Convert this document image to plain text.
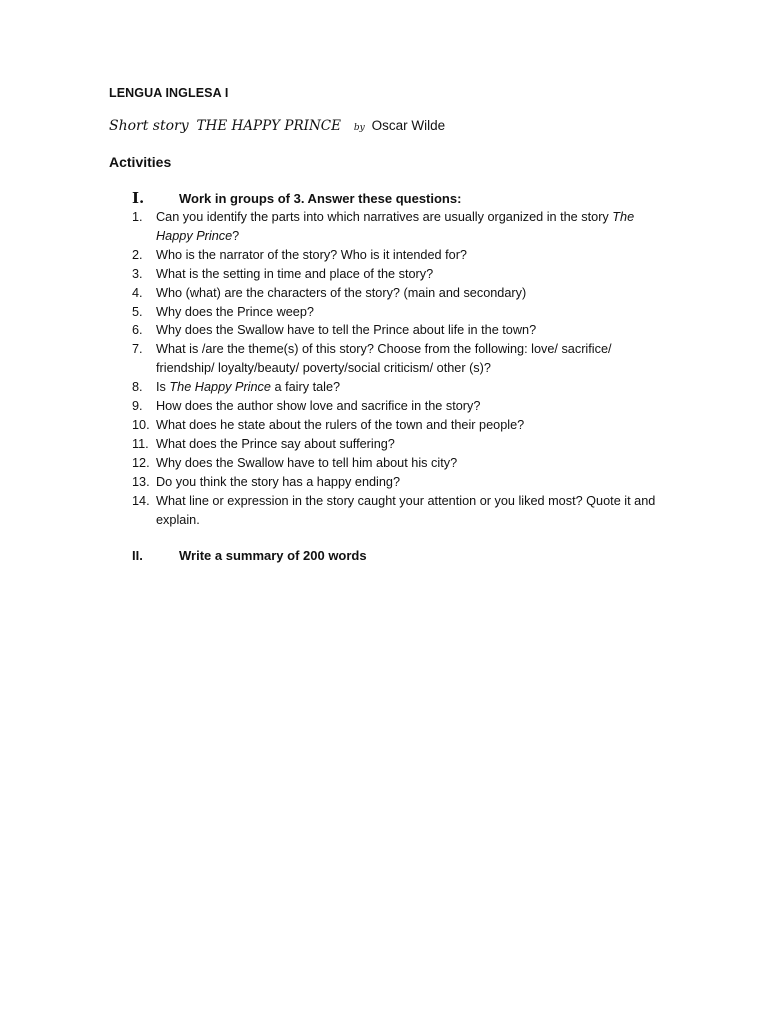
LENGUA INGLESA I
Short story THE HAPPY PRINCE by Oscar Wilde
Activities
I.	Work in groups of 3. Answer these questions:
1.	Can you identify the parts into which narratives are usually organized in the story The Happy Prince?
2.	Who is the narrator of the story? Who is it intended for?
3.	What is the setting in time and place of the story?
4.	Who (what) are the characters of the story? (main and secondary)
5.	Why does the Prince weep?
6.	Why does the Swallow have to tell the Prince about life in the town?
7.	What is /are the theme(s) of this story? Choose from the following: love/ sacrifice/ friendship/ loyalty/beauty/ poverty/social criticism/ other (s)?
8.	Is The Happy Prince a fairy tale?
9.	How does the author show love and sacrifice in the story?
10. What does he state about the rulers of the town and their people?
11. What does the Prince say about suffering?
12. Why does the Swallow have to tell him about his city?
13. Do you think the story has a happy ending?
14. What line or expression in the story caught your attention or you liked most? Quote it and explain.
II.	Write a summary of 200 words
